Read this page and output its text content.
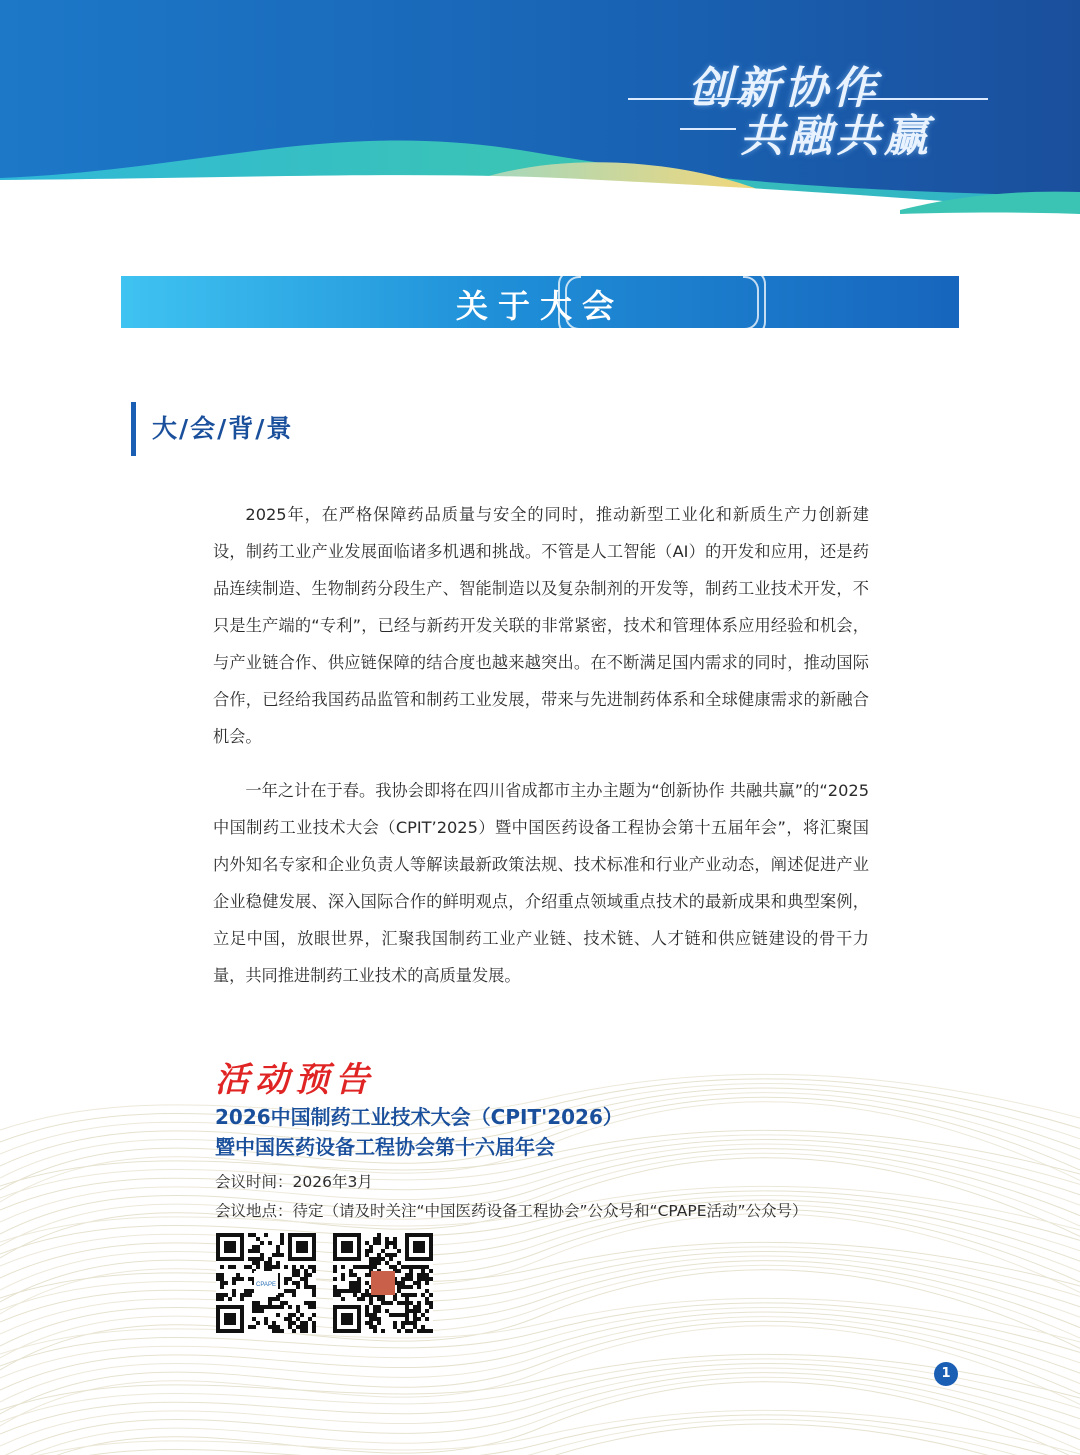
创新协作
共融共赢
关于大会
大/会/背/景

2025年，在严格保障药品质量与安全的同时，推动新型工业化和新质生产力创新建设，制药工业产业发展面临诸多机遇和挑战。不管是人工智能（AI）的开发和应用，还是药品连续制造、生物制药分段生产、智能制造以及复杂制剂的开发等，制药工业技术开发，不只是生产端的“专利”，已经与新药开发关联的非常紧密，技术和管理体系应用经验和机会，与产业链合作、供应链保障的结合度也越来越突出。在不断满足国内需求的同时，推动国际合作，已经给我国药品监管和制药工业发展，带来与先进制药体系和全球健康需求的新融合机会。

一年之计在于春。我协会即将在四川省成都市主办主题为“创新协作 共融共赢”的“2025中国制药工业技术大会（CPIT’2025）暨中国医药设备工程协会第十五届年会”，将汇聚国内外知名专家和企业负责人等解读最新政策法规、技术标准和行业产业动态，阐述促进产业企业稳健发展、深入国际合作的鲜明观点，介绍重点领域重点技术的最新成果和典型案例，立足中国，放眼世界，汇聚我国制药工业产业链、技术链、人才链和供应链建设的骨干力量，共同推进制药工业技术的高质量发展。

活动预告
2026中国制药工业技术大会（CPIT'2026）
暨中国医药设备工程协会第十六届年会
会议时间：2026年3月
会议地点：待定（请及时关注“中国医药设备工程协会”公众号和“CPAPE活动”公众号）
CPAPE
1
